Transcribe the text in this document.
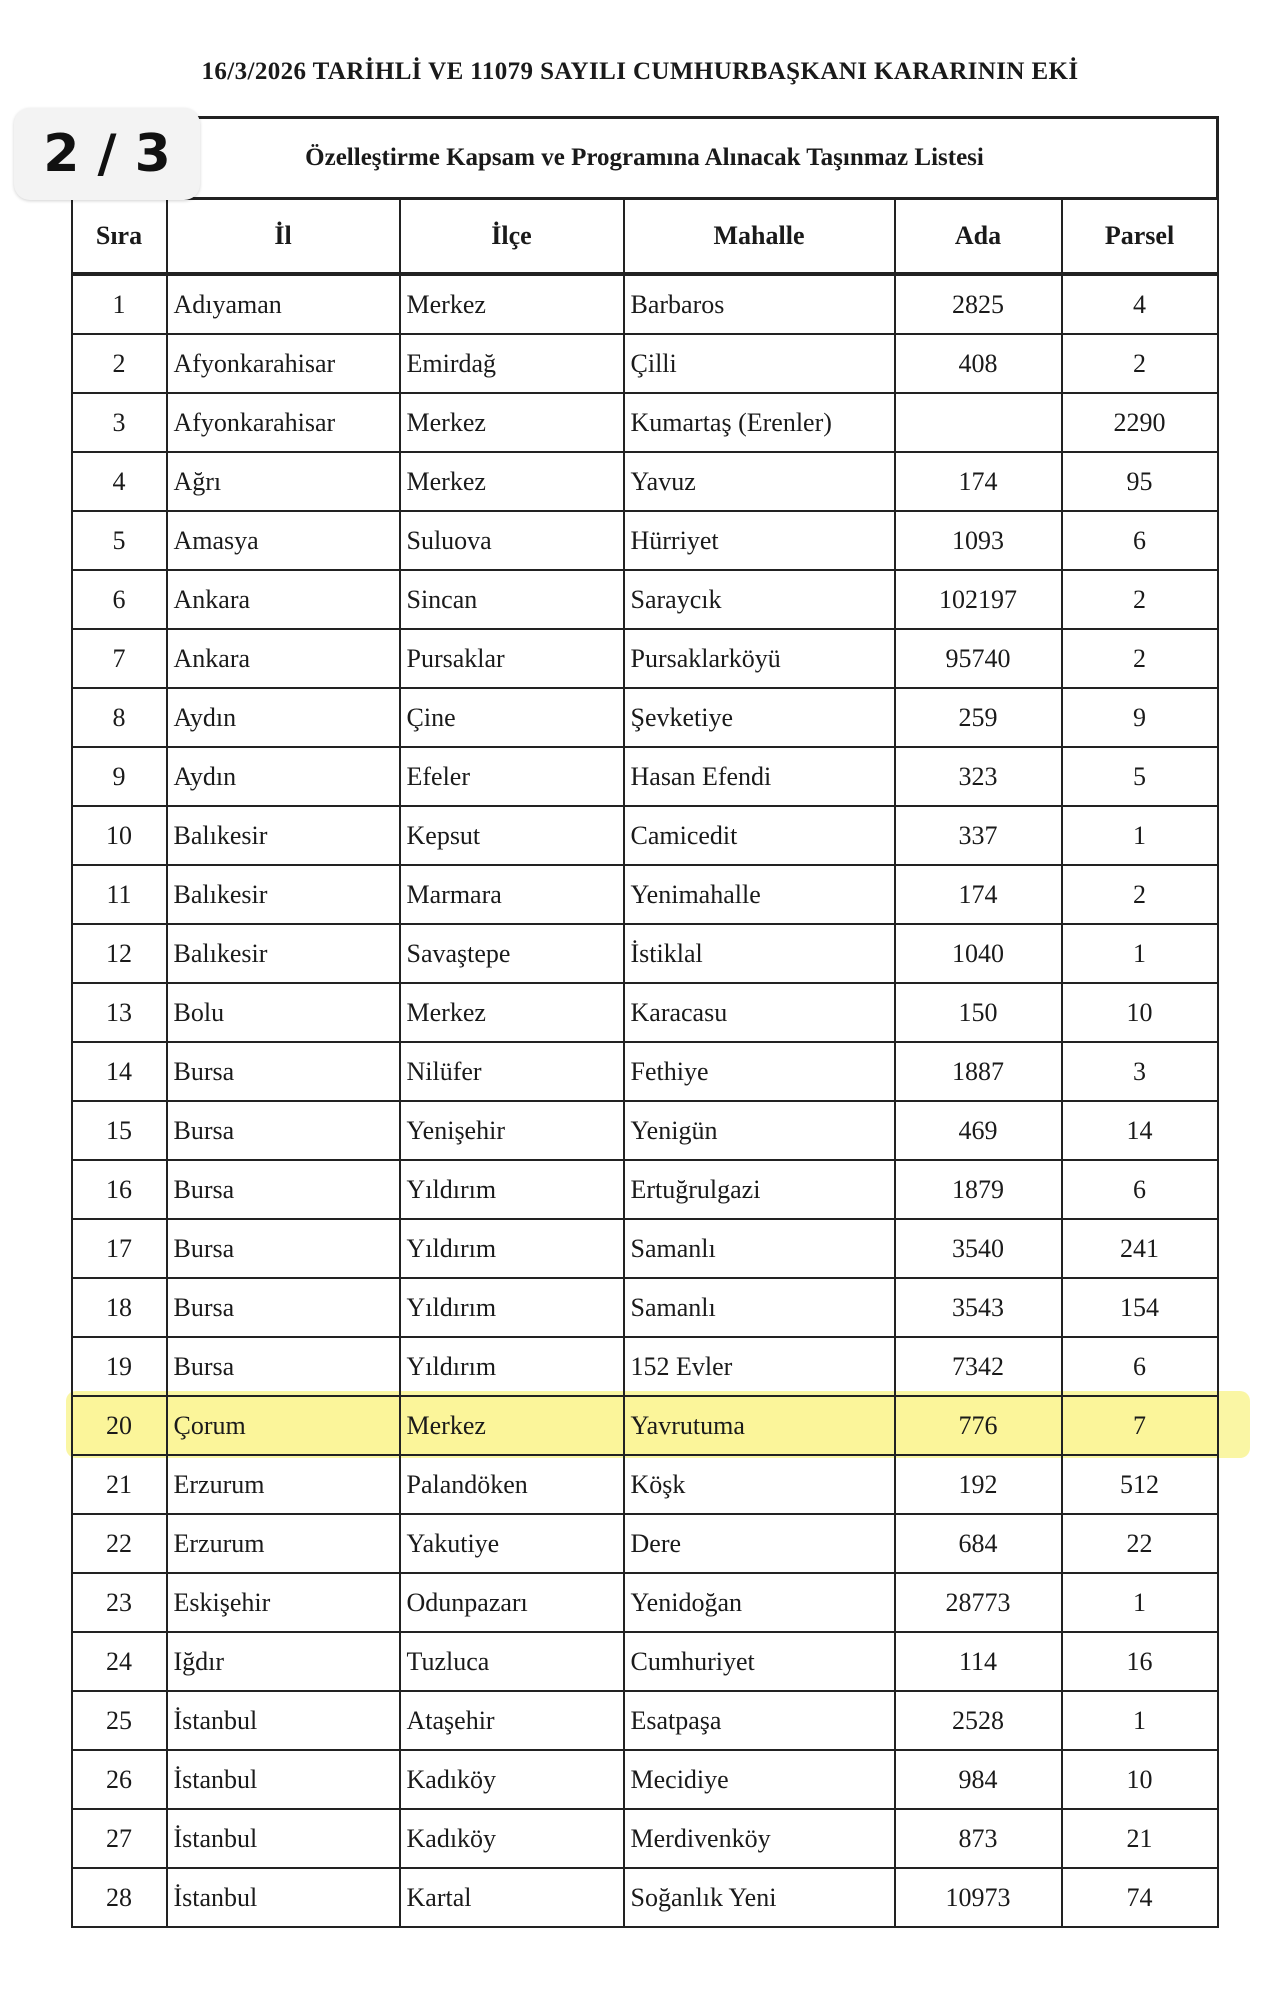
16/3/2026 TARİHLİ VE 11079 SAYILI CUMHURBAŞKANI KARARININ EKİ
2 / 3	Özelleştirme Kapsam ve Programına Alınacak Taşınmaz Listesi					
Sıra	İl	İlçe	Mahalle	Ada	Parsel
1	Adıyaman	Merkez	Barbaros	2825	4
2	Afyonkarahisar	Emirdağ	Çilli	408	2
3	Afyonkarahisar	Merkez	Kumartaş (Erenler)		2290
4	Ağrı	Merkez	Yavuz	174	95
5	Amasya	Suluova	Hürriyet	1093	6
6	Ankara	Sincan	Saraycık	102197	2
7	Ankara	Pursaklar	Pursaklarköyü	95740	2
8	Aydın	Çine	Şevketiye	259	9
9	Aydın	Efeler	Hasan Efendi	323	5
10	Balıkesir	Kepsut	Camicedit	337	1
11	Balıkesir	Marmara	Yenimahalle	174	2
12	Balıkesir	Savaştepe	İstiklal	1040	1
13	Bolu	Merkez	Karacasu	150	10
14	Bursa	Nilüfer	Fethiye	1887	3
15	Bursa	Yenişehir	Yenigün	469	14
16	Bursa	Yıldırım	Ertuğrulgazi	1879	6
17	Bursa	Yıldırım	Samanlı	3540	241
18	Bursa	Yıldırım	Samanlı	3543	154
19	Bursa	Yıldırım	152 Evler	7342	6
20	Çorum	Merkez	Yavrutuma	776	7
21	Erzurum	Palandöken	Köşk	192	512
22	Erzurum	Yakutiye	Dere	684	22
23	Eskişehir	Odunpazarı	Yenidoğan	28773	1
24	Iğdır	Tuzluca	Cumhuriyet	114	16
25	İstanbul	Ataşehir	Esatpaşa	2528	1
26	İstanbul	Kadıköy	Mecidiye	984	10
27	İstanbul	Kadıköy	Merdivenköy	873	21
28	İstanbul	Kartal	Soğanlık Yeni	10973	74
